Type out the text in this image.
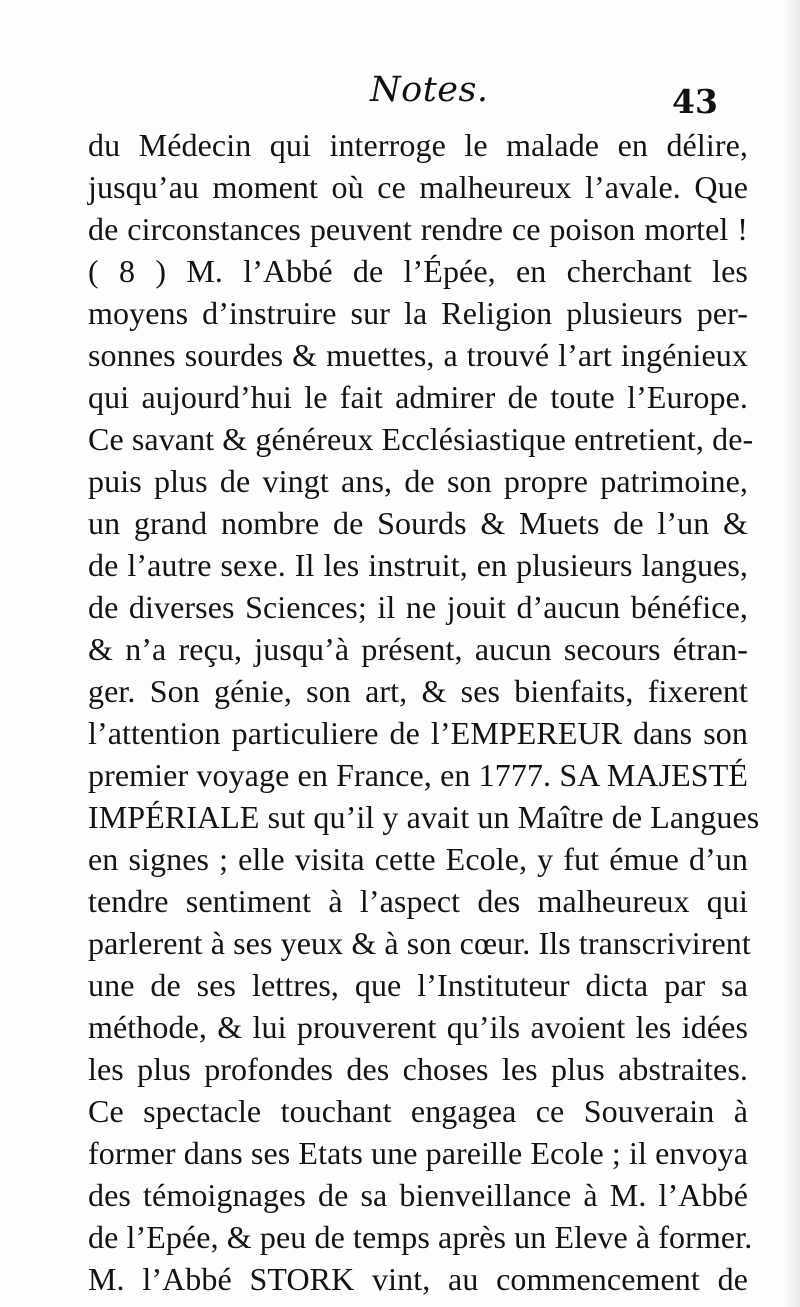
Notes.	43
du Médecin qui interroge le malade en délire,
jusqu’au moment où ce malheureux l’avale. Que
de circonstances peuvent rendre ce poison mortel !
( 8 ) M. l’Abbé de l’Épée, en cherchant les
moyens d’instruire sur la Religion plusieurs per-
sonnes sourdes & muettes, a trouvé l’art ingénieux
qui aujourd’hui le fait admirer de toute l’Europe.
Ce savant & généreux Ecclésiastique entretient, de-
puis plus de vingt ans, de son propre patrimoine,
un grand nombre de Sourds & Muets de l’un &
de l’autre sexe. Il les instruit, en plusieurs langues,
de diverses Sciences; il ne jouit d’aucun bénéfice,
& n’a reçu, jusqu’à présent, aucun secours étran-
ger. Son génie, son art, & ses bienfaits, fixerent
l’attention particuliere de l’EMPEREUR dans son
premier voyage en France, en 1777. SA MAJESTÉ
IMPÉRIALE sut qu’il y avait un Maître de Langues
en signes ; elle visita cette Ecole, y fut émue d’un
tendre sentiment à l’aspect des malheureux qui
parlerent à ses yeux & à son cœur. Ils transcrivirent
une de ses lettres, que l’Instituteur dicta par sa
méthode, & lui prouverent qu’ils avoient les idées
les plus profondes des choses les plus abstraites.
Ce spectacle touchant engagea ce Souverain à
former dans ses Etats une pareille Ecole ; il envoya
des témoignages de sa bienveillance à M. l’Abbé
de l’Epée, & peu de temps après un Eleve à former.
M. l’Abbé STORK vint, au commencement de
